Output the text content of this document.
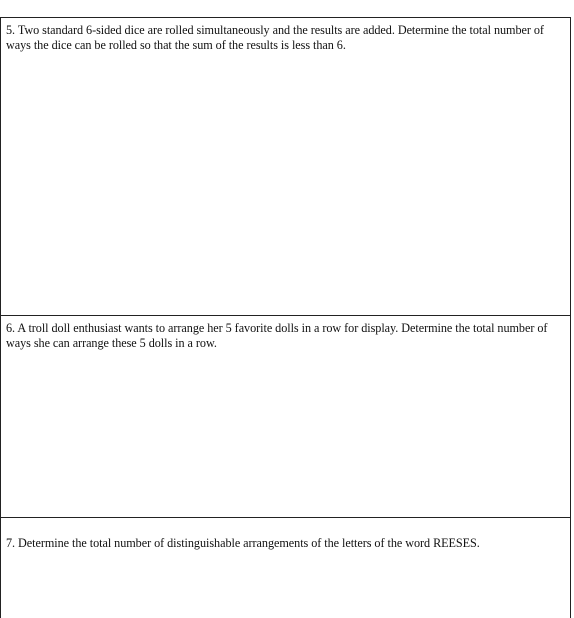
5. Two standard 6-sided dice are rolled simultaneously and the results are added. Determine the total number of ways the dice can be rolled so that the sum of the results is less than 6.

6. A troll doll enthusiast wants to arrange her 5 favorite dolls in a row for display. Determine the total number of ways she can arrange these 5 dolls in a row.

7. Determine the total number of distinguishable arrangements of the letters of the word REESES.
